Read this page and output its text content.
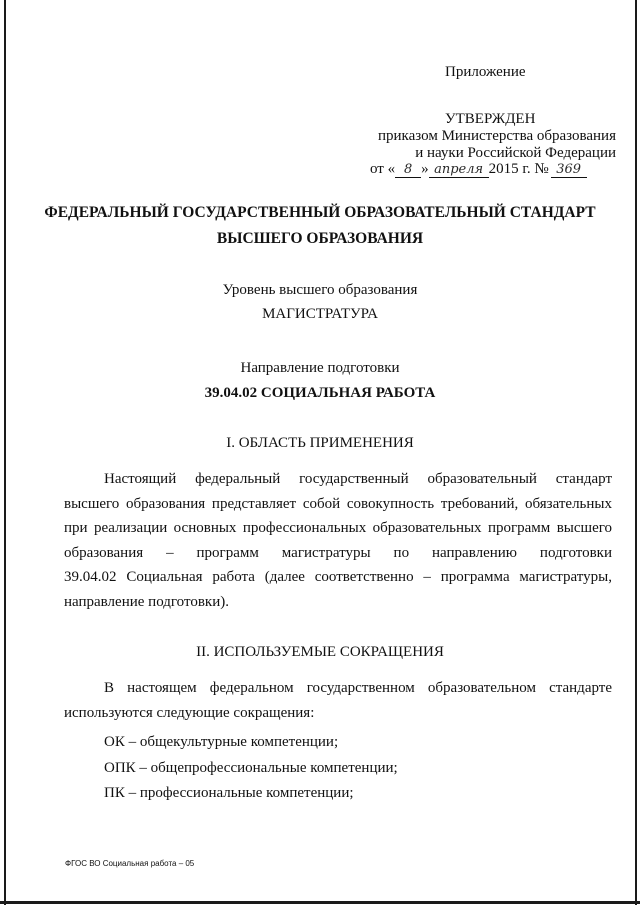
Приложение
УТВЕРЖДЕН
приказом Министерства образования
и науки Российской Федерации
от « 8 » апреля 2015 г. № 369
ФЕДЕРАЛЬНЫЙ ГОСУДАРСТВЕННЫЙ ОБРАЗОВАТЕЛЬНЫЙ СТАНДАРТ
ВЫСШЕГО ОБРАЗОВАНИЯ
Уровень высшего образования
МАГИСТРАТУРА
Направление подготовки
39.04.02 СОЦИАЛЬНАЯ РАБОТА
I. ОБЛАСТЬ ПРИМЕНЕНИЯ
Настоящий федеральный государственный образовательный стандарт
высшего образования представляет собой совокупность требований, обязательных
при реализации основных профессиональных образовательных программ высшего
образования – программ магистратуры по направлению подготовки
39.04.02 Социальная работа (далее соответственно – программа магистратуры,
направление подготовки).
II. ИСПОЛЬЗУЕМЫЕ СОКРАЩЕНИЯ
В настоящем федеральном государственном образовательном стандарте
используются следующие сокращения:
ОК – общекультурные компетенции;
ОПК – общепрофессиональные компетенции;
ПК – профессиональные компетенции;
ФГОС ВО Социальная работа – 05
